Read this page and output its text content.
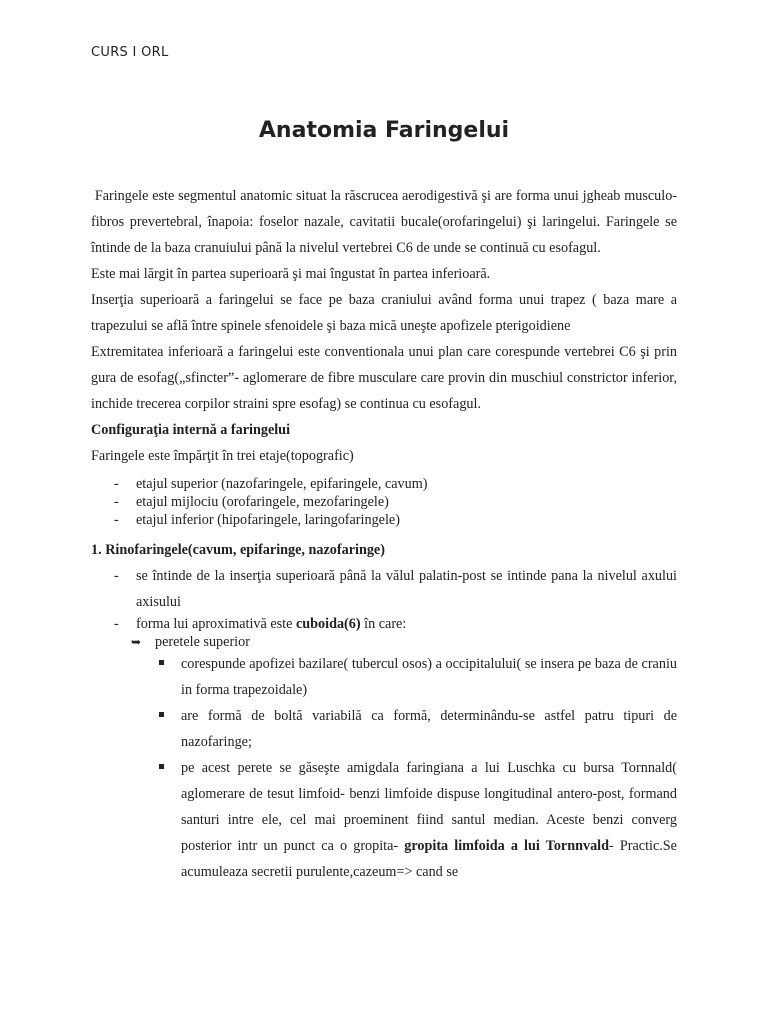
CURS I ORL
Anatomia Faringelui

Faringele este segmentul anatomic situat la răscrucea aerodigestivă şi are forma unui jgheab musculo-fibros prevertebral, înapoia: foselor nazale, cavitatii bucale(orofaringelui) şi laringelui. Faringele se întinde de la baza cranuiului până la nivelul vertebrei C6 de unde se continuă cu esofagul.

Este mai lărgit în partea superioară şi mai îngustat în partea inferioară.

Inserţia superioară a faringelui se face pe baza craniului având forma unui trapez ( baza mare a trapezului se află între spinele sfenoidele şi baza mică uneşte apofizele pterigoidiene

Extremitatea inferioară a faringelui este conventionala unui plan care corespunde vertebrei C6 şi prin gura de esofag(„sfincter”- aglomerare de fibre musculare care provin din muschiul constrictor inferior, inchide trecerea corpilor straini spre esofag) se continua cu esofagul.

Configuraţia internă a faringelui

Faringele este împărţit în trei etaje(topografic)

- etajul superior (nazofaringele, epifaringele, cavum)
- etajul mijlociu (orofaringele, mezofaringele)
- etajul inferior (hipofaringele, laringofaringele)

1. Rinofaringele(cavum, epifaringe, nazofaringe)

- se întinde de la inserţia superioară până la vălul palatin-post se intinde pana la nivelul axului axisului
- forma lui aproximativă este cuboida(6) în care:
➥ peretele superior
corespunde apofizei bazilare( tubercul osos) a occipitalului( se insera pe baza de craniu in forma trapezoidale)
are formă de boltă variabilă ca formă, determinându-se astfel patru tipuri de nazofaringe;
pe acest perete se găseşte amigdala faringiana a lui Luschka cu bursa Tornnald( aglomerare de tesut limfoid- benzi limfoide dispuse longitudinal antero-post, formand santuri intre ele, cel mai proeminent fiind santul median. Aceste benzi converg posterior intr un punct ca o gropita- gropita limfoida a lui Tornnvald- Practic.Se acumuleaza secretii purulente,cazeum=> cand se
